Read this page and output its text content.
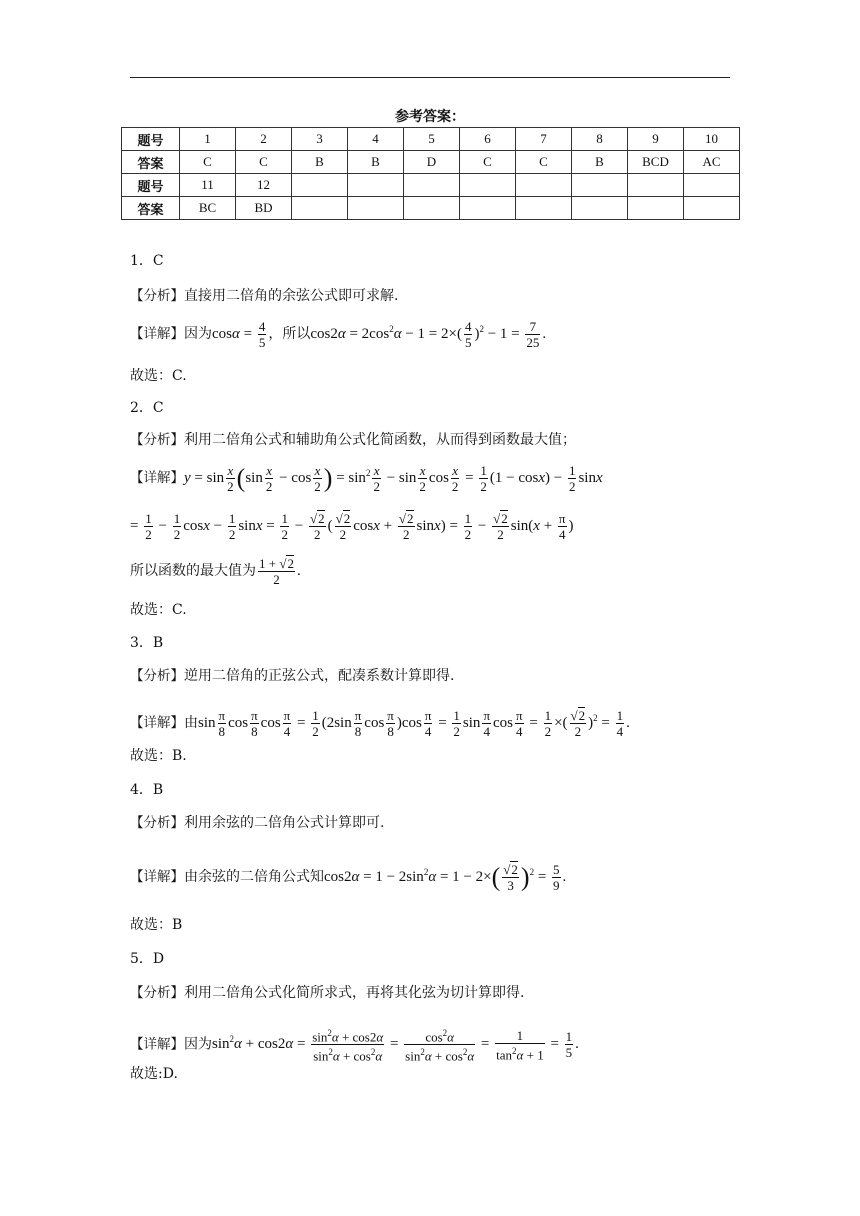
参考答案：
题号	1	2	3	4	5	6	7	8	9	10
答案	C	C	B	B	D	C	C	B	BCD	AC
题号	11	12								
答案	BC	BD								
1．C
【分析】直接用二倍角的余弦公式即可求解.
【详解】因为$\cos\alpha = \frac{4}{5}$ ，所以$\cos 2\alpha = 2\cos^2\alpha - 1 = 2\times( \frac{4}{5} )^2 - 1 = \frac{7}{25}$ .
故选：C.
2．C
【分析】利用二倍角公式和辅助角公式化简函数，从而得到函数最大值；
【详解】$y = \sin \frac{x}{2} (\sin \frac{x}{2} - \cos \frac{x}{2}$ ) = $\sin^2 \frac{x}{2} - \sin \frac{x}{2}$ $\cos \frac{x}{2} = \frac{1}{2} (1 - \cos x) - \frac{1}{2}$ sinx
= $\frac{1}{2} - \frac{1}{2}$ $\cos x - \frac{1}{2}$ $\sin x = \frac{1}{2} - \frac{√2}{2}$ ( $\frac{√2}{2}$ $\cos x + \frac{√2}{2} \sin x) = \frac{1}{2} - \frac{√2}{2} \sin(x + \frac{\pi}{4}$ )
所以函数的最大值为 $\frac{1 + √2}{2}$ .
故选：C.
3．B
【分析】逆用二倍角的正弦公式，配凑系数计算即得.
【详解】由$\sin \frac{\pi}{8}$ $\cos \frac{\pi}{8}$ $\cos \frac{\pi}{4} = \frac{1}{2} (2\sin \frac{\pi}{8}$ $\cos \frac{\pi}{8} )\cos \frac{\pi}{4} = \frac{1}{2}$ $\sin \frac{\pi}{4}$ $\cos \frac{\pi}{4} = \frac{1}{2}$ ×( $\frac{√2}{2} )^2 = \frac{1}{4}$ .
故选：B.
4．B
【分析】利用余弦的二倍角公式计算即可.
【详解】由余弦的二倍角公式知$\cos 2\alpha = 1 - 2\sin^2\alpha = 1 - 2\times( \frac{√2}{3} )^2 = \frac{5}{9}$ .
故选：B
5．D
【分析】利用二倍角公式化简所求式，再将其化弦为切计算即得.
【详解】因为$\sin^2\alpha + \cos 2\alpha = \frac{\sin^2\alpha + \cos 2\alpha}{\sin^2\alpha + \cos^2\alpha} = \frac{\cos^2\alpha}{\sin^2\alpha + \cos^2\alpha} = \frac{1}{\tan^2\alpha + 1} = \frac{1}{5}$ .
故选:D.
